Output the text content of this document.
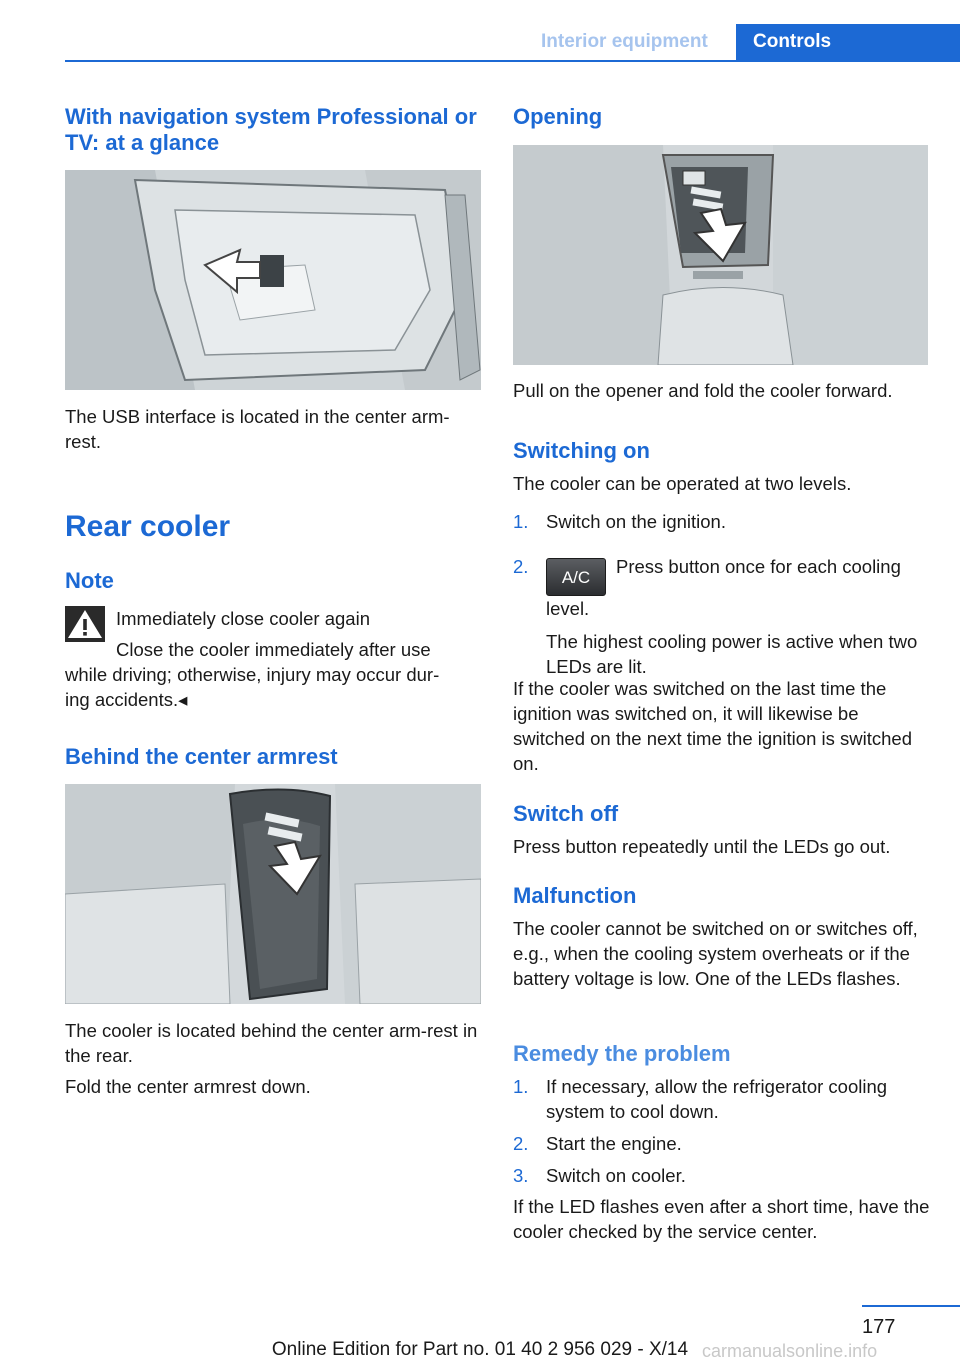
Interior equipment	Controls
With navigation system Professional or TV: at a glance
The USB interface is located in the center arm-rest.
Rear cooler
Note
Immediately close cooler again
Close the cooler immediately after use
while driving; otherwise, injury may occur dur-
ing accidents.◂
Behind the center armrest
The cooler is located behind the center arm-rest in the rear.
Fold the center armrest down.
Opening
Pull on the opener and fold the cooler forward.
Switching on
The cooler can be operated at two levels.
1. Switch on the ignition.
2.
A/CPress button once for each cooling level.
The highest cooling power is active when two LEDs are lit.
If the cooler was switched on the last time the ignition was switched on, it will likewise be switched on the next time the ignition is switched on.
Switch off
Press button repeatedly until the LEDs go out.
Malfunction
The cooler cannot be switched on or switches off, e.g., when the cooling system overheats or if the battery voltage is low. One of the LEDs flashes.
Remedy the problem
1. If necessary, allow the refrigerator cooling system to cool down.
2. Start the engine.
3. Switch on cooler.
If the LED flashes even after a short time, have the cooler checked by the service center.
177
Online Edition for Part no. 01 40 2 956 029 - X/14 carmanualsonline.info
